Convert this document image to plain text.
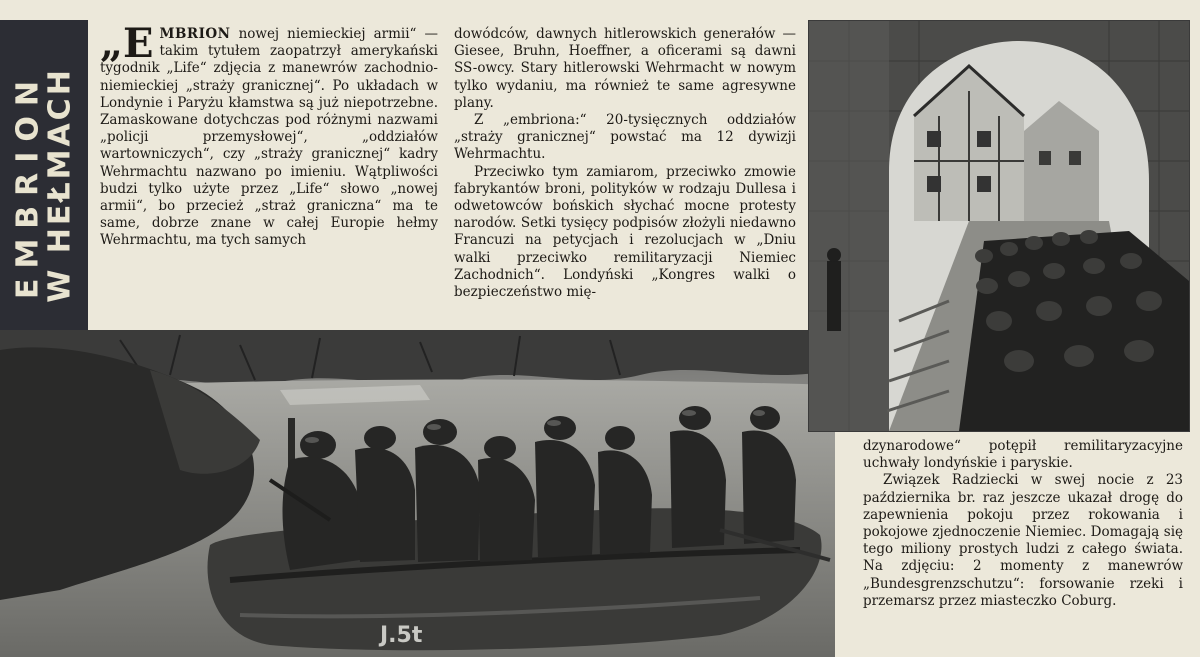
EMBRION
W HEŁMACH

„EMBRION nowej niemieckiej armii“ — takim tytułem zaopatrzył amerykański tygodnik „Life“ zdjęcia z manewrów zachodnio-niemieckiej „straży granicznej“. Po układach w Londynie i Paryżu kłamstwa są już niepotrzebne. Zamaskowane dotychczas pod różnymi nazwami „policji przemysłowej“, „oddziałów wartowniczych“, czy „straży granicznej“ kadry Wehrmachtu nazwano po imieniu. Wątpliwości budzi tylko użyte przez „Life“ słowo „nowej armii“, bo przecież „straż graniczna“ ma te same, dobrze znane w całej Europie hełmy Wehrmachtu, ma tych samych

dowódców, dawnych hitlerowskich generałów — Giesee, Bruhn, Hoeffner, a oficerami są dawni SS-owcy. Stary hitlerowski Wehrmacht w nowym tylko wydaniu, ma również te same agresywne plany.

Z „embriona:“ 20-tysięcznych oddziałów „straży granicznej“ powstać ma 12 dywizji Wehrmachtu.

Przeciwko tym zamiarom, przeciwko zmowie fabrykantów broni, polityków w rodzaju Dullesa i odwetowców bońskich słychać mocne protesty narodów. Setki tysięcy podpisów złożyli niedawno Francuzi na petycjach i rezolucjach w „Dniu walki przeciwko remilitaryzacji Niemiec Zachodnich“. Londyński „Kongres walki o bezpieczeństwo mię-

dzynarodowe“ potępił remilitaryzacyjne uchwały londyńskie i paryskie.

Związek Radziecki w swej nocie z 23 października br. raz jeszcze ukazał drogę do zapewnienia pokoju przez rokowania i pokojowe zjednoczenie Niemiec. Domagają się tego miliony prostych ludzi z całego świata. Na zdjęciu: 2 momenty z manewrów „Bundesgrenzschutzu“: forsowanie rzeki i przemarsz przez miasteczko Coburg.

J.5t
